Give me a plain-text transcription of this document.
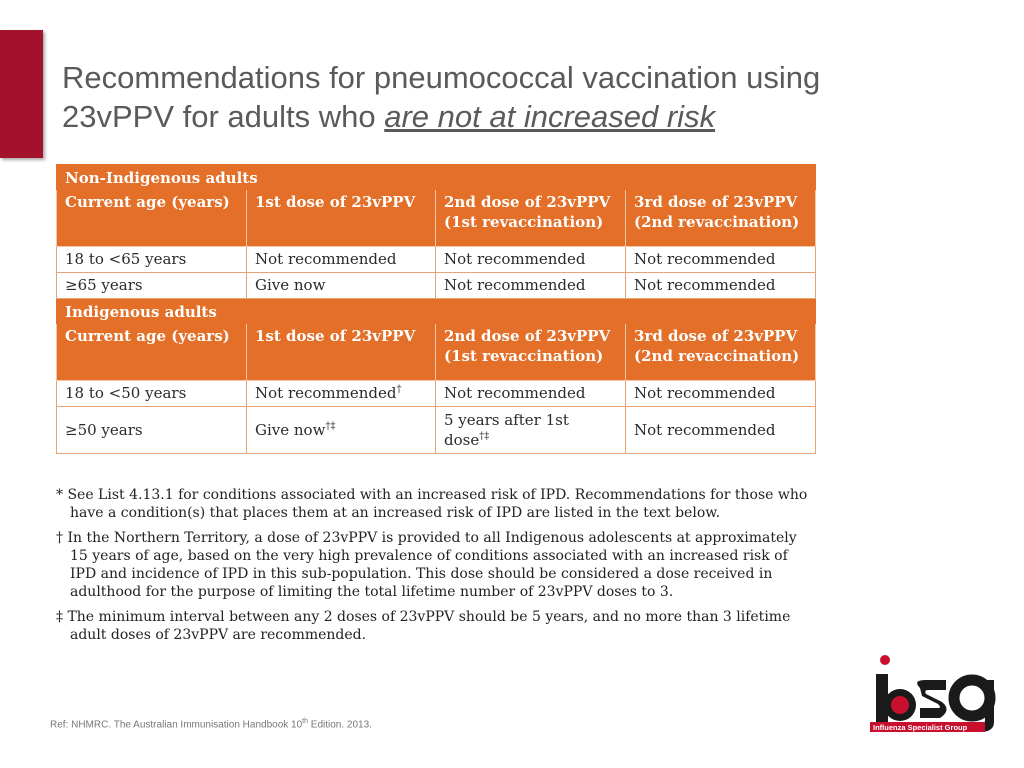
Recommendations for pneumococcal vaccination using
23vPPV for adults who are not at increased risk
Non-Indigenous adults			
Current age (years)	1st dose of 23vPPV	2nd dose of 23vPPV (1st revaccination)	3rd dose of 23vPPV (2nd revaccination)
18 to <65 years	Not recommended	Not recommended	Not recommended
≥65 years	Give now	Not recommended	Not recommended
Indigenous adults			
Current age (years)	1st dose of 23vPPV	2nd dose of 23vPPV (1st revaccination)	3rd dose of 23vPPV (2nd revaccination)
18 to <50 years	Not recommended†	Not recommended	Not recommended
≥50 years	Give now†‡	5 years after 1st dose†‡	Not recommended

* See List 4.13.1 for conditions associated with an increased risk of IPD. Recommendations for those who have a condition(s) that places them at an increased risk of IPD are listed in the text below.

† In the Northern Territory, a dose of 23vPPV is provided to all Indigenous adolescents at approximately 15 years of age, based on the very high prevalence of conditions associated with an increased risk of IPD and incidence of IPD in this sub-population. This dose should be considered a dose received in adulthood for the purpose of limiting the total lifetime number of 23vPPV doses to 3.

‡ The minimum interval between any 2 doses of 23vPPV should be 5 years, and no more than 3 lifetime adult doses of 23vPPV are recommended.

Ref: NHMRC. The Australian Immunisation Handbook 10th Edition. 2013.	Influenza Specialist Group
